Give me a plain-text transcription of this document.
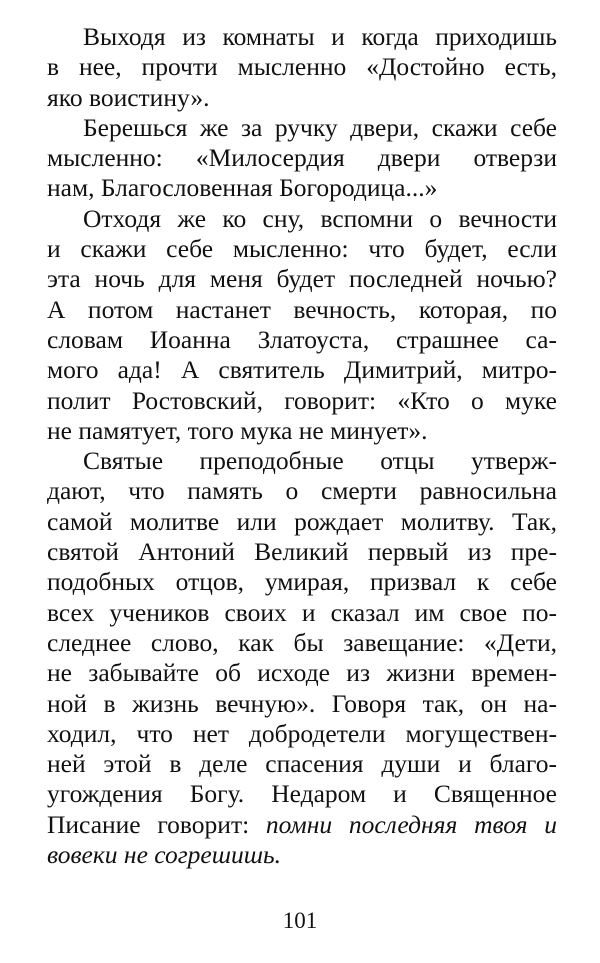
Выходя из комнаты и когда приходишь
в нее, прочти мысленно «Достойно есть,
яко воистину».
Берешься же за ручку двери, скажи себе
мысленно: «Милосердия двери отверзи
нам, Благословенная Богородица...»
Отходя же ко сну, вспомни о вечности
и скажи себе мысленно: что будет, если
эта ночь для меня будет последней ночью?
А потом настанет вечность, которая, по
словам Иоанна Златоуста, страшнее са-
мого ада! А святитель Димитрий, митро-
полит Ростовский, говорит: «Кто о муке
не памятует, того мука не минует».
Святые преподобные отцы утверж-
дают, что память о смерти равносильна
самой молитве или рождает молитву. Так,
святой Антоний Великий первый из пре-
подобных отцов, умирая, призвал к себе
всех учеников своих и сказал им свое по-
следнее слово, как бы завещание: «Дети,
не забывайте об исходе из жизни времен-
ной в жизнь вечную». Говоря так, он на-
ходил, что нет добродетели могуществен-
ней этой в деле спасения души и благо-
угождения Богу. Недаром и Священное
Писание говорит: помни последняя твоя и
вовеки не согрешишь.
101
